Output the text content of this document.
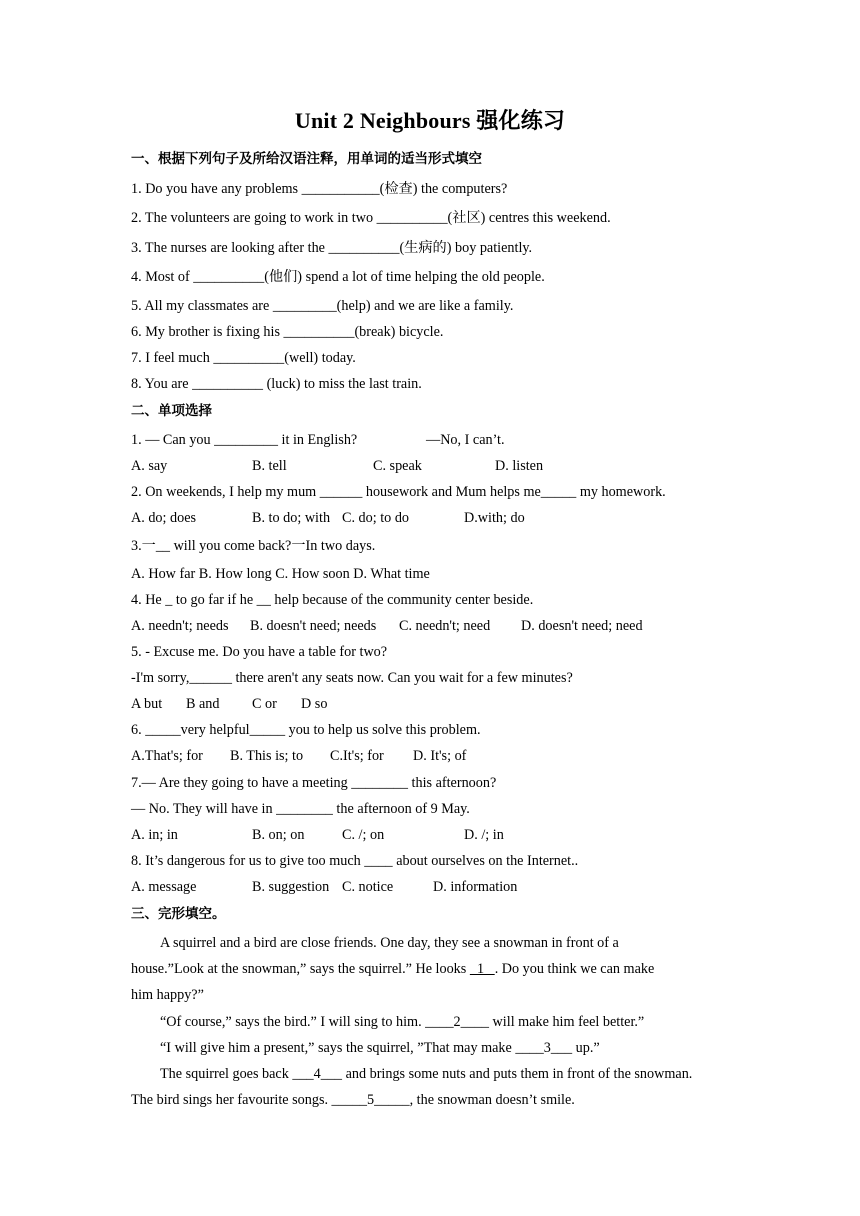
Unit 2 Neighbours 强化练习
一、根据下列句子及所给汉语注释，用单词的适当形式填空
1. Do you have any problems ___________(检查) the computers?
2. The volunteers are going to work in two __________(社区) centres this weekend.
3. The nurses are looking after the __________(生病的) boy patiently.
4. Most of __________(他们) spend a lot of time helping the old people.
5. All my classmates are _________(help) and we are like a family.
6. My brother is fixing his __________(break) bicycle.
7. I feel much __________(well) today.
8. You are __________ (luck) to miss the last train.
二、单项选择
1. — Can you _________ it in English?	—No, I can’t.
A. say	B. tell	C. speak	D. listen
2. On weekends, I help my mum ______ housework and Mum helps me_____ my homework.
A. do; does	B. to do; with C. do; to do	D.with; do
3.一__ will you come back?一In two days.
A. How far B. How long C. How soon D. What time
4. He _ to go far if he __ help because of the community center beside.
A. needn't; needs B. doesn't need; needs C. needn't; need D. doesn't need; need
5. - Excuse me. Do you have a table for two?
-I'm sorry,______ there aren't any seats now. Can you wait for a few minutes?
A but B and C or D so
6. _____very helpful_____ you to help us solve this problem.
A.That's; for B. This is; to C.It's; for D. It's; of
7.— Are they going to have a meeting ________ this afternoon?
— No. They will have in ________ the afternoon of 9 May.
A. in; in	B. on; on	C. /; on	D. /; in
8. It’s dangerous for us to give too much ____ about ourselves on the Internet..
A. message	B. suggestion C. notice	D. information
三、完形填空。
A squirrel and a bird are close friends. One day, they see a snowman in front of a
house.”Look at the snowman,” says the squirrel.” He looks   1   . Do you think we can make
him happy?”
“Of course,” says the bird.” I will sing to him. ____2____ will make him feel better.”
“I will give him a present,” says the squirrel, ”That may make ____3___ up.”
The squirrel goes back ___4___ and brings some nuts and puts them in front of the snowman.
The bird sings her favourite songs. _____5_____, the snowman doesn’t smile.
